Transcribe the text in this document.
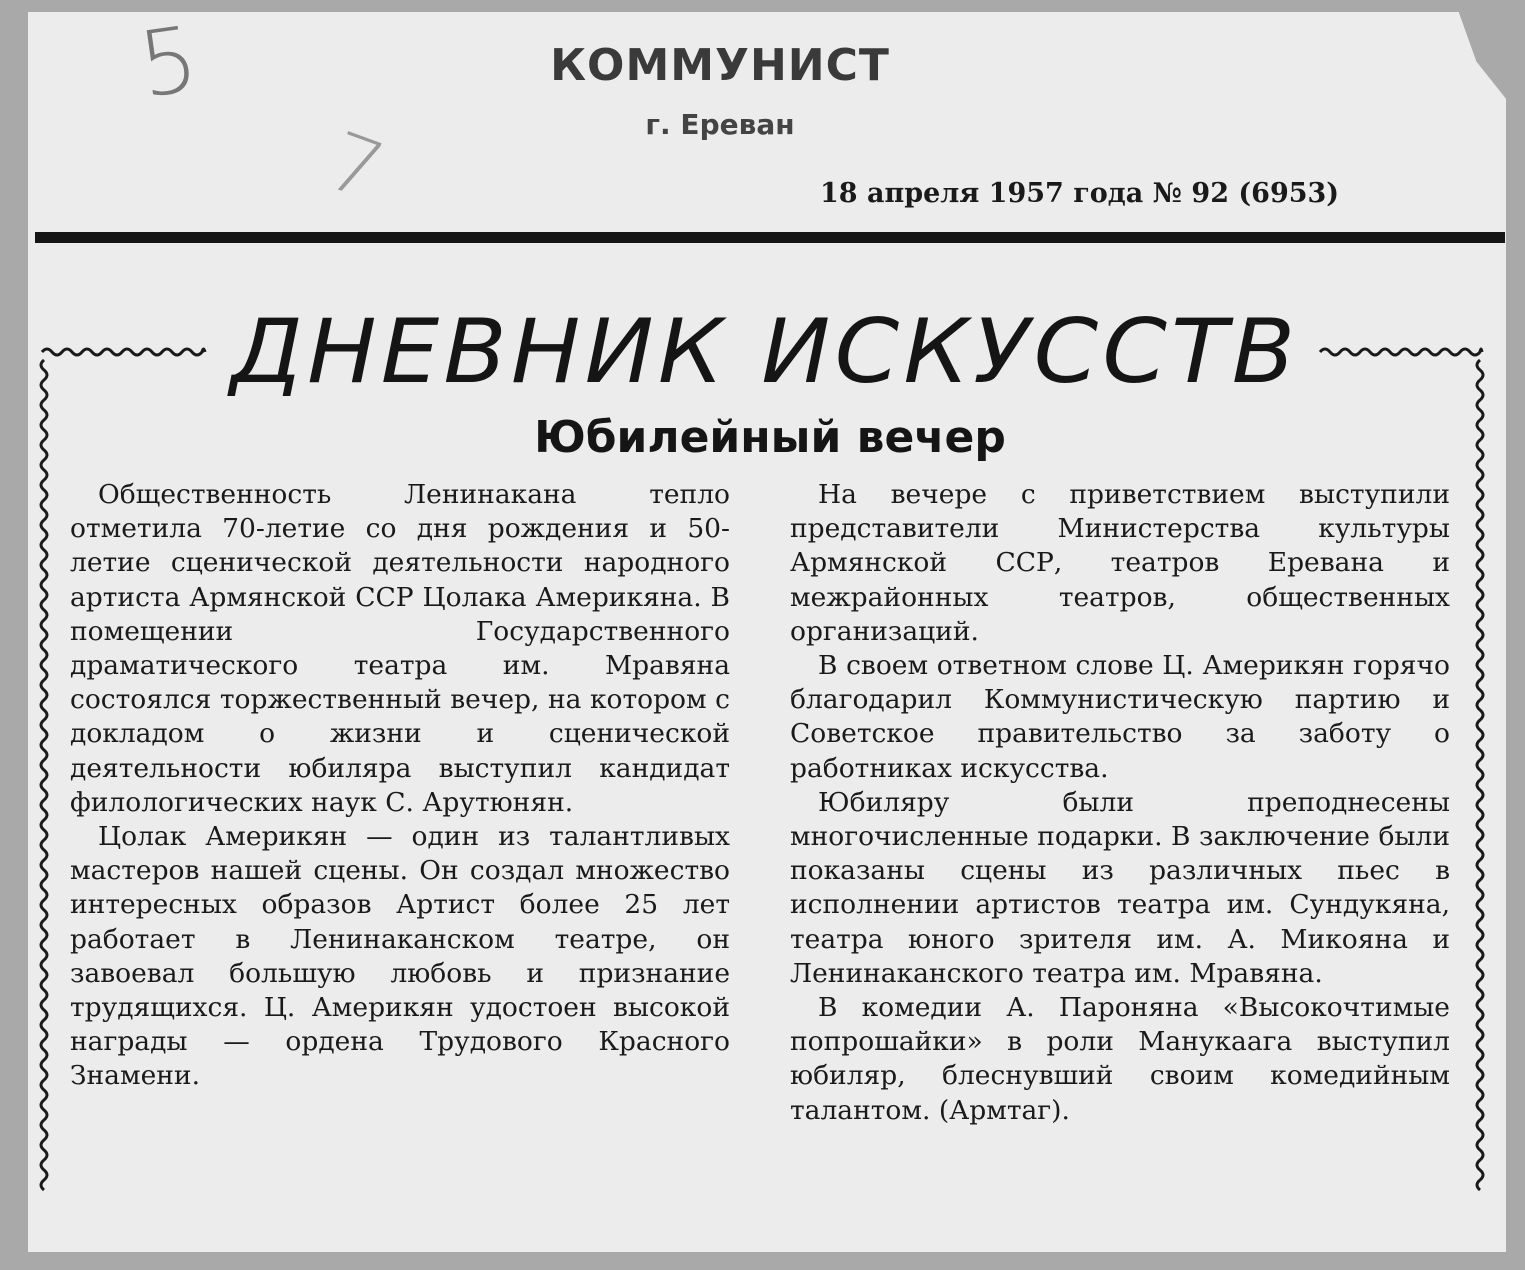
5
7
КОММУНИСТ
г. Ереван
18 апреля 1957 года № 92 (6953)
ДНЕВНИК ИСКУССТВ
Юбилейный вечер

Общественность Ленинакана тепло отметила 70-летие со дня рождения и 50-летие сценической деятельности народного артиста Армянской ССР Цолака Америкяна. В помещении Государственного драматического театра им. Мравяна состоялся торжественный вечер, на котором с докладом о жизни и сценической деятельности юбиляра выступил кандидат филологических наук С. Арутюнян.

Цолак Америкян — один из талантливых мастеров нашей сцены. Он создал множество интересных образов Артист более 25 лет работает в Ленинаканском театре, он завоевал большую любовь и признание трудящихся. Ц. Америкян удостоен высокой награды — ордена Трудового Красного Знамени.

На вечере с приветствием выступили представители Министерства культуры Армянской ССР, театров Еревана и межрайонных театров, общественных организаций.

В своем ответном слове Ц. Америкян горячо благодарил Коммунистическую партию и Советское правительство за заботу о работниках искусства.

Юбиляру были преподнесены многочисленные подарки. В заключение были показаны сцены из различных пьес в исполнении артистов театра им. Сундукяна, театра юного зрителя им. А. Микояна и Ленинаканского театра им. Мравяна.

В комедии А. Пароняна «Высокочтимые попрошайки» в роли Манукаага выступил юбиляр, блеснувший своим комедийным талантом. (Армтаг).
